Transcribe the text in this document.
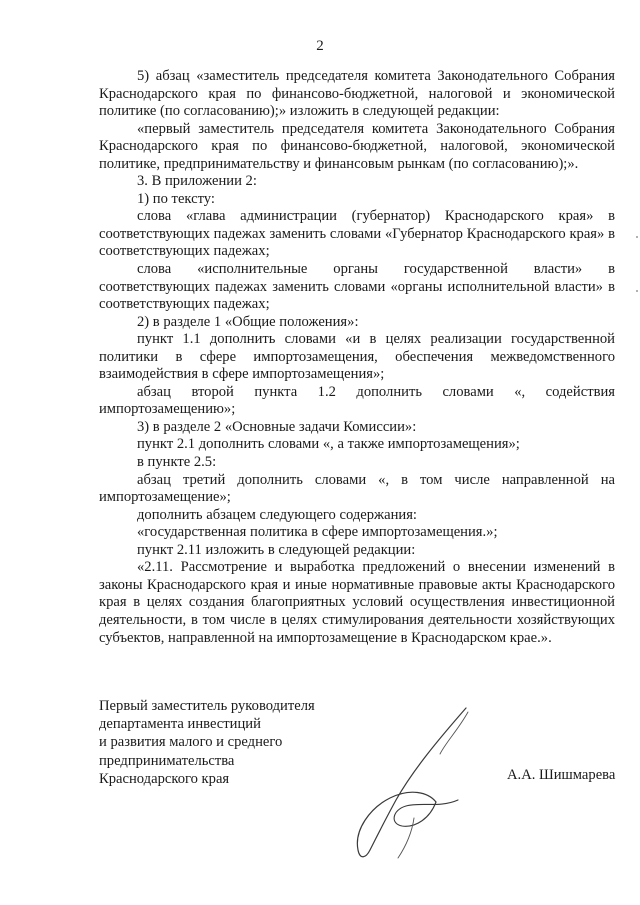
2

5) абзац «заместитель председателя комитета Законодательного Собрания Краснодарского края по финансово-бюджетной, налоговой и экономической политике (по согласованию);» изложить в следующей редакции:

«первый заместитель председателя комитета Законодательного Собрания Краснодарского края по финансово-бюджетной, налоговой, экономической политике, предпринимательству и финансовым рынкам (по согласованию);».

3. В приложении 2:

1) по тексту:

слова «глава администрации (губернатор) Краснодарского края» в соответствующих падежах заменить словами «Губернатор Краснодарского края» в соответствующих падежах;

слова «исполнительные органы государственной власти» в соответствующих падежах заменить словами «органы исполнительной власти» в соответствующих падежах;

2) в разделе 1 «Общие положения»:

пункт 1.1 дополнить словами «и в целях реализации государственной политики в сфере импортозамещения, обеспечения межведомственного взаимодействия в сфере импортозамещения»;

абзац второй пункта 1.2 дополнить словами «, содействия импортозамещению»;

3) в разделе 2 «Основные задачи Комиссии»:

пункт 2.1 дополнить словами «, а также импортозамещения»;

в пункте 2.5:

абзац третий дополнить словами «, в том числе направленной на импортозамещение»;

дополнить абзацем следующего содержания:

«государственная политика в сфере импортозамещения.»;

пункт 2.11 изложить в следующей редакции:

«2.11. Рассмотрение и выработка предложений о внесении изменений в законы Краснодарского края и иные нормативные правовые акты Краснодарского края в целях создания благоприятных условий осуществления инвестиционной деятельности, в том числе в целях стимулирования деятельности хозяйствующих субъектов, направленной на импортозамещение в Краснодарском крае.».

Первый заместитель руководителя
департамента инвестиций
и развития малого и среднего
предпринимательства
Краснодарского края	А.А. Шишмарева
